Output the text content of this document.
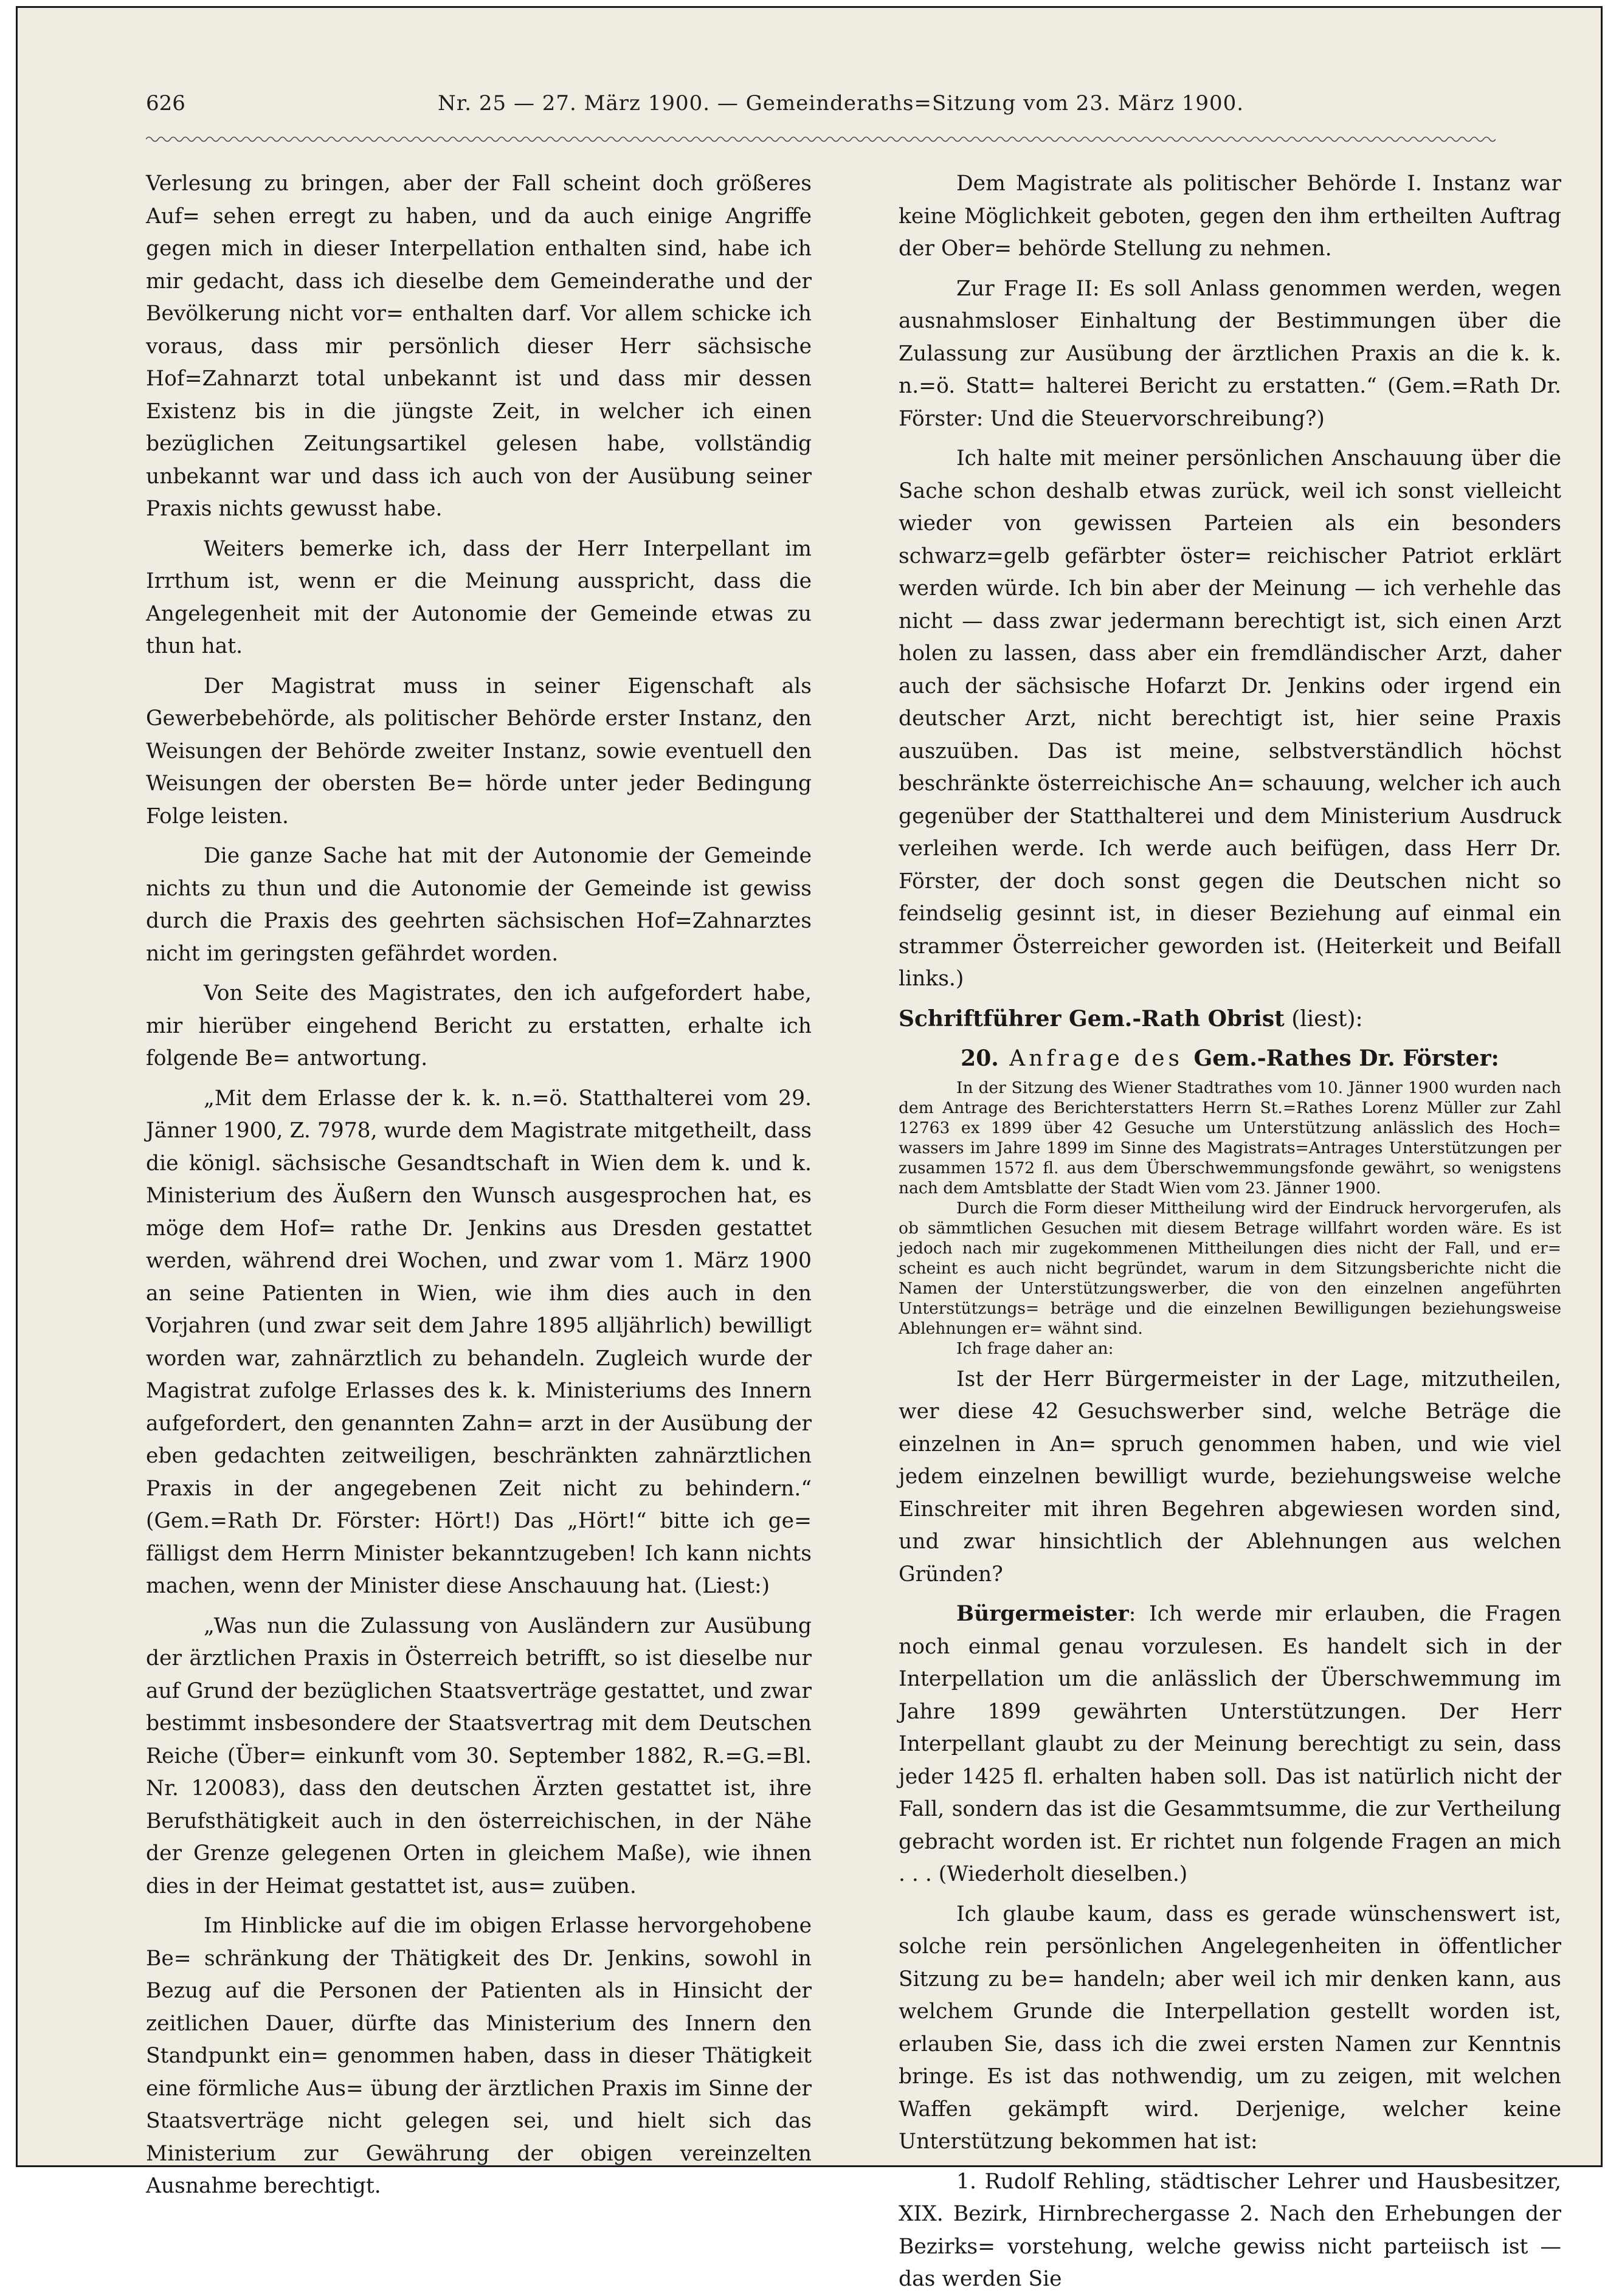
626	Nr. 25 — 27. März 1900. — Gemeinderaths=Sitzung vom 23. März 1900.

Verlesung zu bringen, aber der Fall scheint doch größeres Auf= sehen erregt zu haben, und da auch einige Angriffe gegen mich in dieser Interpellation enthalten sind, habe ich mir gedacht, dass ich dieselbe dem Gemeinderathe und der Bevölkerung nicht vor= enthalten darf. Vor allem schicke ich voraus, dass mir persönlich dieser Herr sächsische Hof=Zahnarzt total unbekannt ist und dass mir dessen Existenz bis in die jüngste Zeit, in welcher ich einen bezüglichen Zeitungsartikel gelesen habe, vollständig unbekannt war und dass ich auch von der Ausübung seiner Praxis nichts gewusst habe.

Weiters bemerke ich, dass der Herr Interpellant im Irrthum ist, wenn er die Meinung ausspricht, dass die Angelegenheit mit der Autonomie der Gemeinde etwas zu thun hat.

Der Magistrat muss in seiner Eigenschaft als Gewerbebehörde, als politischer Behörde erster Instanz, den Weisungen der Behörde zweiter Instanz, sowie eventuell den Weisungen der obersten Be= hörde unter jeder Bedingung Folge leisten.

Die ganze Sache hat mit der Autonomie der Gemeinde nichts zu thun und die Autonomie der Gemeinde ist gewiss durch die Praxis des geehrten sächsischen Hof=Zahnarztes nicht im geringsten gefährdet worden.

Von Seite des Magistrates, den ich aufgefordert habe, mir hierüber eingehend Bericht zu erstatten, erhalte ich folgende Be= antwortung.

„Mit dem Erlasse der k. k. n.=ö. Statthalterei vom 29. Jänner 1900, Z. 7978, wurde dem Magistrate mitgetheilt, dass die königl. sächsische Gesandtschaft in Wien dem k. und k. Ministerium des Äußern den Wunsch ausgesprochen hat, es möge dem Hof= rathe Dr. Jenkins aus Dresden gestattet werden, während drei Wochen, und zwar vom 1. März 1900 an seine Patienten in Wien, wie ihm dies auch in den Vorjahren (und zwar seit dem Jahre 1895 alljährlich) bewilligt worden war, zahnärztlich zu behandeln. Zugleich wurde der Magistrat zufolge Erlasses des k. k. Ministeriums des Innern aufgefordert, den genannten Zahn= arzt in der Ausübung der eben gedachten zeitweiligen, beschränkten zahnärztlichen Praxis in der angegebenen Zeit nicht zu behindern.“ (Gem.=Rath Dr. Förster: Hört!) Das „Hört!“ bitte ich ge= fälligst dem Herrn Minister bekanntzugeben! Ich kann nichts machen, wenn der Minister diese Anschauung hat. (Liest:)

„Was nun die Zulassung von Ausländern zur Ausübung der ärztlichen Praxis in Österreich betrifft, so ist dieselbe nur auf Grund der bezüglichen Staatsverträge gestattet, und zwar bestimmt insbesondere der Staatsvertrag mit dem Deutschen Reiche (Über= einkunft vom 30. September 1882, R.=G.=Bl. Nr. 120083), dass den deutschen Ärzten gestattet ist, ihre Berufsthätigkeit auch in den österreichischen, in der Nähe der Grenze gelegenen Orten in gleichem Maße), wie ihnen dies in der Heimat gestattet ist, aus= zuüben.

Im Hinblicke auf die im obigen Erlasse hervorgehobene Be= schränkung der Thätigkeit des Dr. Jenkins, sowohl in Bezug auf die Personen der Patienten als in Hinsicht der zeitlichen Dauer, dürfte das Ministerium des Innern den Standpunkt ein= genommen haben, dass in dieser Thätigkeit eine förmliche Aus= übung der ärztlichen Praxis im Sinne der Staatsverträge nicht gelegen sei, und hielt sich das Ministerium zur Gewährung der obigen vereinzelten Ausnahme berechtigt.

Dem Magistrate als politischer Behörde I. Instanz war keine Möglichkeit geboten, gegen den ihm ertheilten Auftrag der Ober= behörde Stellung zu nehmen.

Zur Frage II: Es soll Anlass genommen werden, wegen ausnahmsloser Einhaltung der Bestimmungen über die Zulassung zur Ausübung der ärztlichen Praxis an die k. k. n.=ö. Statt= halterei Bericht zu erstatten.“ (Gem.=Rath Dr. Förster: Und die Steuervorschreibung?)

Ich halte mit meiner persönlichen Anschauung über die Sache schon deshalb etwas zurück, weil ich sonst vielleicht wieder von gewissen Parteien als ein besonders schwarz=gelb gefärbter öster= reichischer Patriot erklärt werden würde. Ich bin aber der Meinung — ich verhehle das nicht — dass zwar jedermann berechtigt ist, sich einen Arzt holen zu lassen, dass aber ein fremdländischer Arzt, daher auch der sächsische Hofarzt Dr. Jenkins oder irgend ein deutscher Arzt, nicht berechtigt ist, hier seine Praxis auszuüben. Das ist meine, selbstverständlich höchst beschränkte österreichische An= schauung, welcher ich auch gegenüber der Statthalterei und dem Ministerium Ausdruck verleihen werde. Ich werde auch beifügen, dass Herr Dr. Förster, der doch sonst gegen die Deutschen nicht so feindselig gesinnt ist, in dieser Beziehung auf einmal ein strammer Österreicher geworden ist. (Heiterkeit und Beifall links.)

Schriftführer Gem.-Rath Obrist (liest):

20. Anfrage des Gem.-Rathes Dr. Förster:

In der Sitzung des Wiener Stadtrathes vom 10. Jänner 1900 wurden nach dem Antrage des Berichterstatters Herrn St.=Rathes Lorenz Müller zur Zahl 12763 ex 1899 über 42 Gesuche um Unterstützung anlässlich des Hoch= wassers im Jahre 1899 im Sinne des Magistrats=Antrages Unterstützungen per zusammen 1572 fl. aus dem Überschwemmungsfonde gewährt, so wenigstens nach dem Amtsblatte der Stadt Wien vom 23. Jänner 1900.

Durch die Form dieser Mittheilung wird der Eindruck hervorgerufen, als ob sämmtlichen Gesuchen mit diesem Betrage willfahrt worden wäre. Es ist jedoch nach mir zugekommenen Mittheilungen dies nicht der Fall, und er= scheint es auch nicht begründet, warum in dem Sitzungsberichte nicht die Namen der Unterstützungswerber, die von den einzelnen angeführten Unterstützungs= beträge und die einzelnen Bewilligungen beziehungsweise Ablehnungen er= wähnt sind.

Ich frage daher an:

Ist der Herr Bürgermeister in der Lage, mitzutheilen, wer diese 42 Gesuchswerber sind, welche Beträge die einzelnen in An= spruch genommen haben, und wie viel jedem einzelnen bewilligt wurde, beziehungsweise welche Einschreiter mit ihren Begehren abgewiesen worden sind, und zwar hinsichtlich der Ablehnungen aus welchen Gründen?

Bürgermeister: Ich werde mir erlauben, die Fragen noch einmal genau vorzulesen. Es handelt sich in der Interpellation um die anlässlich der Überschwemmung im Jahre 1899 gewährten Unterstützungen. Der Herr Interpellant glaubt zu der Meinung berechtigt zu sein, dass jeder 1425 fl. erhalten haben soll. Das ist natürlich nicht der Fall, sondern das ist die Gesammtsumme, die zur Vertheilung gebracht worden ist. Er richtet nun folgende Fragen an mich . . . (Wiederholt dieselben.)

Ich glaube kaum, dass es gerade wünschenswert ist, solche rein persönlichen Angelegenheiten in öffentlicher Sitzung zu be= handeln; aber weil ich mir denken kann, aus welchem Grunde die Interpellation gestellt worden ist, erlauben Sie, dass ich die zwei ersten Namen zur Kenntnis bringe. Es ist das nothwendig, um zu zeigen, mit welchen Waffen gekämpft wird. Derjenige, welcher keine Unterstützung bekommen hat ist:

1. Rudolf Rehling, städtischer Lehrer und Hausbesitzer, XIX. Bezirk, Hirnbrechergasse 2. Nach den Erhebungen der Bezirks= vorstehung, welche gewiss nicht parteiisch ist — das werden Sie
